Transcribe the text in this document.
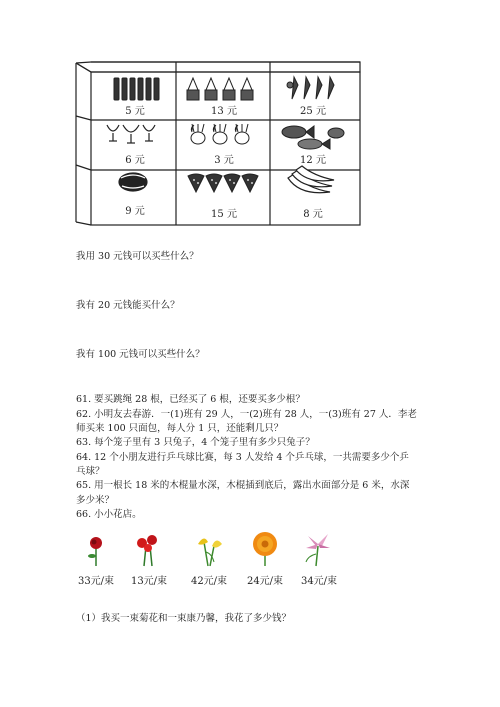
5 元	13 元	25 元
6 元	3 元	12 元
9 元	15 元	8 元
我用 30 元钱可以买些什么？
我有 20 元钱能买什么？
我有 100 元钱可以买些什么？
61. 要买跳绳 28 根，已经买了 6 根，还要买多少根？
62. 小明友去春游．一(1)班有 29 人，一(2)班有 28 人，一(3)班有 27 人．李老
师买来 100 只面包，每人分 1 只，还能剩几只？
63. 每个笼子里有 3 只兔子，4 个笼子里有多少只兔子？
64. 12 个小朋友进行乒乓球比赛，每 3 人发给 4 个乒乓球，一共需要多少个乒
乓球？
65. 用一根长 18 米的木棍量水深，木棍插到底后，露出水面部分是 6 米，水深
多少米？
66. 小小花店。
33元/束	13元/束	42元/束	24元/束	34元/束
（1）我买一束菊花和一束康乃馨，我花了多少钱？
